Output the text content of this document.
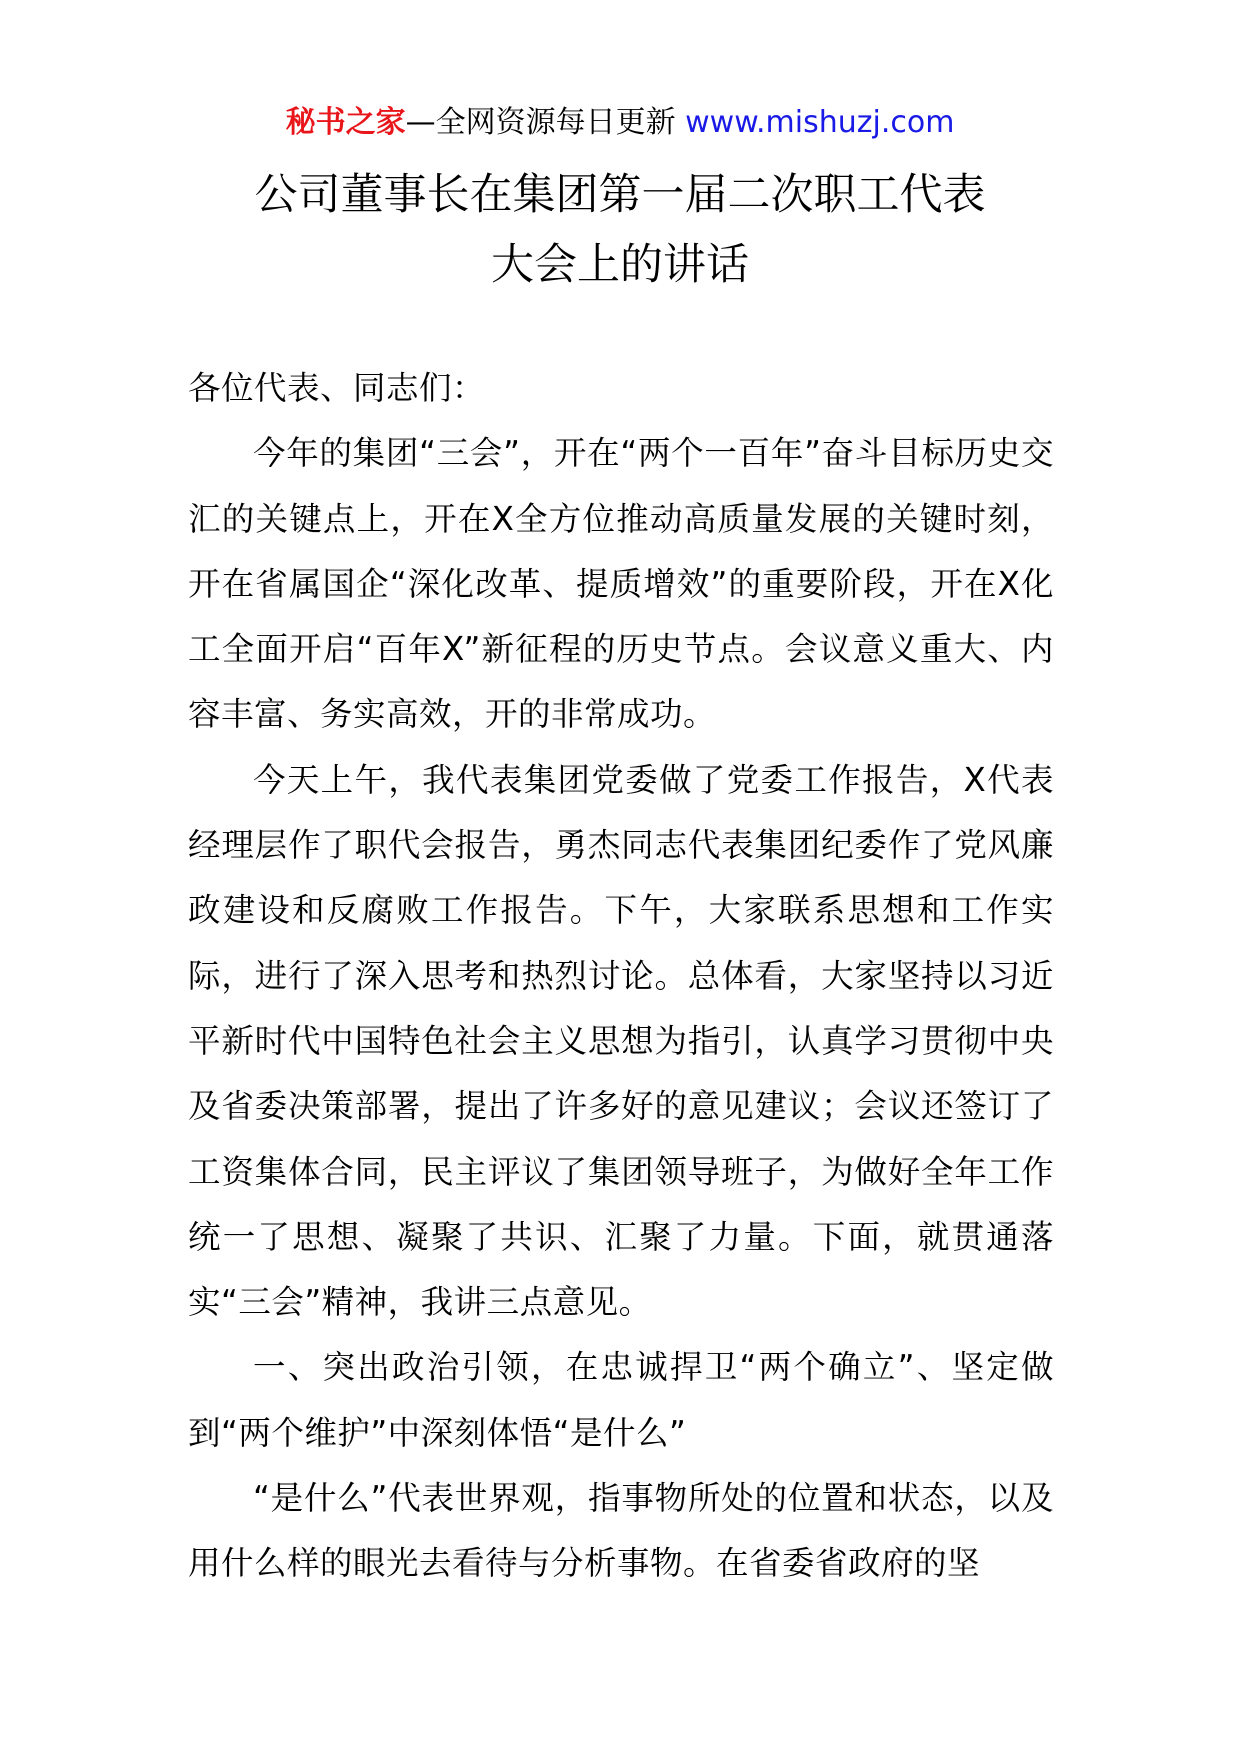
秘书之家—全网资源每日更新 www.mishuzj.com
公司董事长在集团第一届二次职工代表
大会上的讲话

各位代表、同志们：

今年的集团“三会”，开在“两个一百年”奋斗目标历史交汇的关键点上，开在X全方位推动高质量发展的关键时刻，开在省属国企“深化改革、提质增效”的重要阶段，开在X化工全面开启“百年X”新征程的历史节点。会议意义重大、内容丰富、务实高效，开的非常成功。

今天上午，我代表集团党委做了党委工作报告，X代表经理层作了职代会报告，勇杰同志代表集团纪委作了党风廉政建设和反腐败工作报告。下午，大家联系思想和工作实际，进行了深入思考和热烈讨论。总体看，大家坚持以习近平新时代中国特色社会主义思想为指引，认真学习贯彻中央及省委决策部署，提出了许多好的意见建议；会议还签订了工资集体合同，民主评议了集团领导班子，为做好全年工作统一了思想、凝聚了共识、汇聚了力量。下面，就贯通落实“三会”精神，我讲三点意见。

一、突出政治引领，在忠诚捍卫“两个确立”、坚定做到“两个维护”中深刻体悟“是什么”

“是什么”代表世界观，指事物所处的位置和状态，以及用什么样的眼光去看待与分析事物。在省委省政府的坚
